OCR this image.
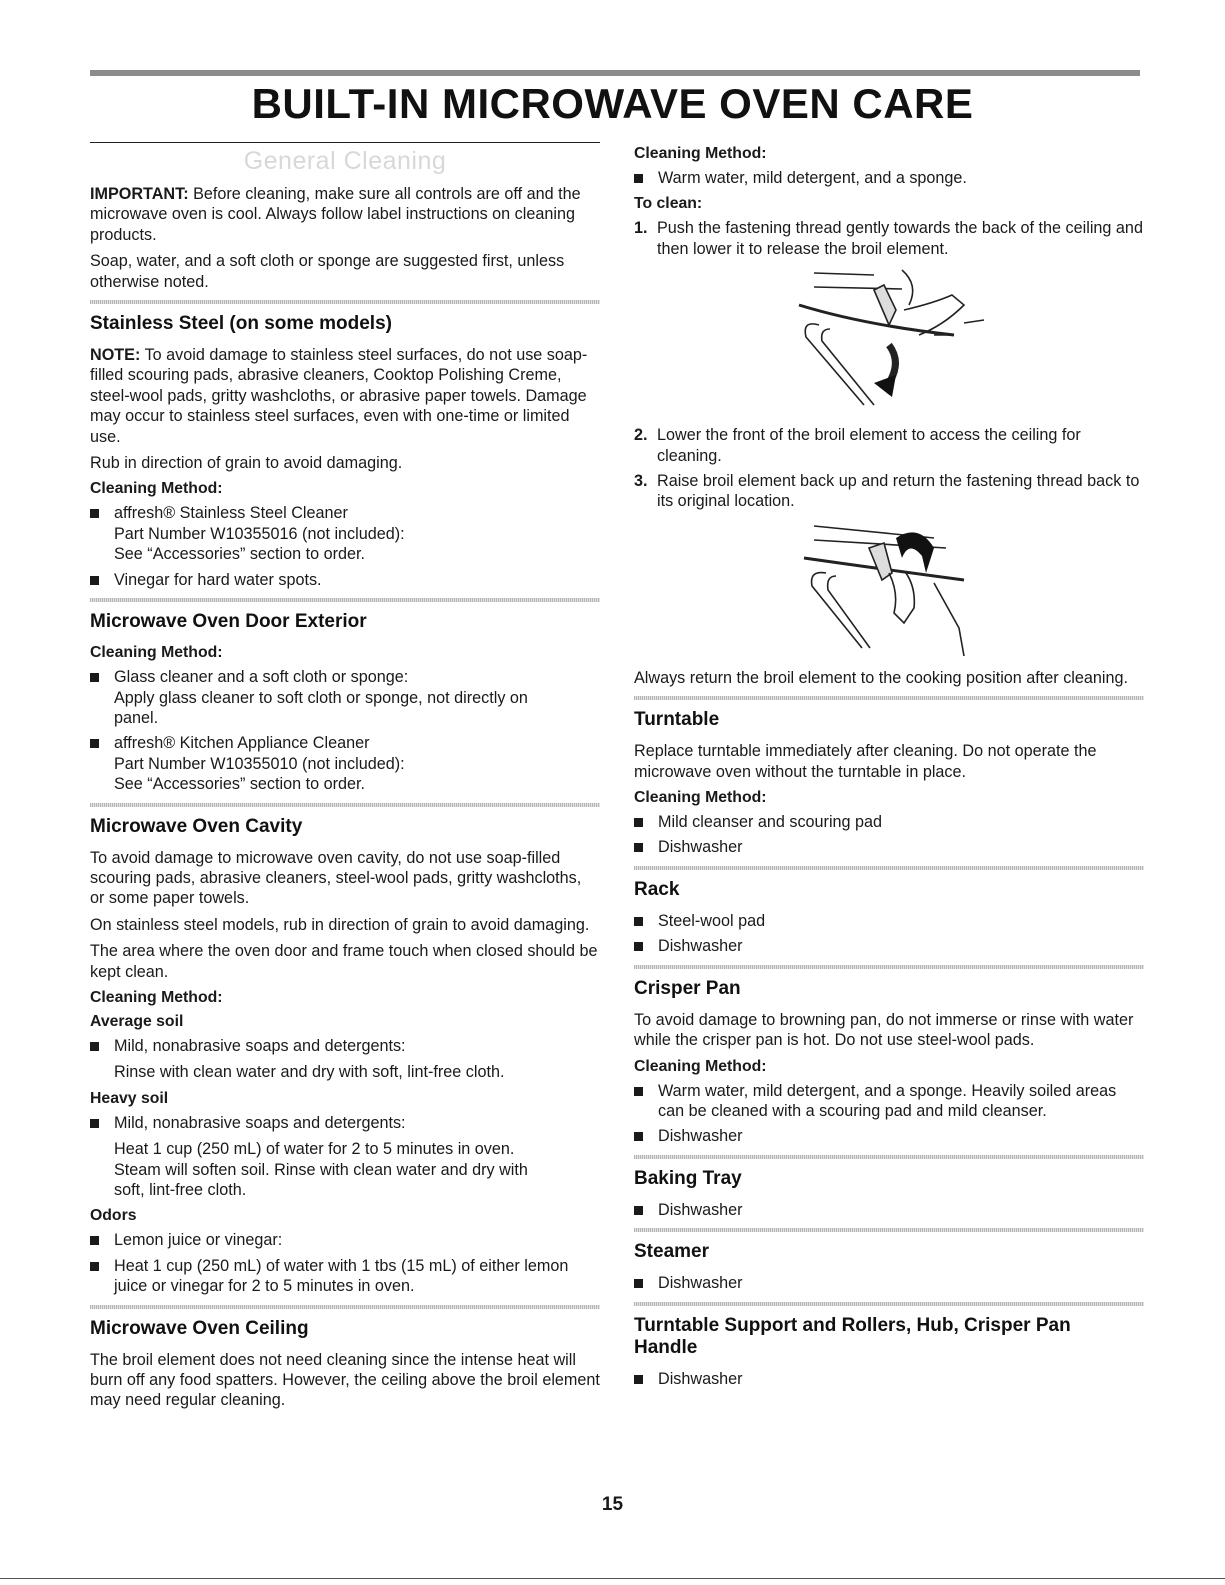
BUILT-IN MICROWAVE OVEN CARE
General Cleaning

IMPORTANT: Before cleaning, make sure all controls are off and the microwave oven is cool. Always follow label instructions on cleaning products.

Soap, water, and a soft cloth or sponge are suggested first, unless otherwise noted.

Stainless Steel (on some models)

NOTE: To avoid damage to stainless steel surfaces, do not use soap-filled scouring pads, abrasive cleaners, Cooktop Polishing Creme, steel-wool pads, gritty washcloths, or abrasive paper towels. Damage may occur to stainless steel surfaces, even with one-time or limited use.

Rub in direction of grain to avoid damaging.

Cleaning Method:
affresh® Stainless Steel Cleaner
Part Number W10355016 (not included):
See “Accessories” section to order.
Vinegar for hard water spots.
Microwave Oven Door Exterior
Cleaning Method:
Glass cleaner and a soft cloth or sponge:
Apply glass cleaner to soft cloth or sponge, not directly on panel.
affresh® Kitchen Appliance Cleaner
Part Number W10355010 (not included):
See “Accessories” section to order.
Microwave Oven Cavity

To avoid damage to microwave oven cavity, do not use soap-filled scouring pads, abrasive cleaners, steel-wool pads, gritty washcloths, or some paper towels.

On stainless steel models, rub in direction of grain to avoid damaging.

The area where the oven door and frame touch when closed should be kept clean.

Cleaning Method:
Average soil
Mild, nonabrasive soaps and detergents:

Rinse with clean water and dry with soft, lint-free cloth.

Heavy soil
Mild, nonabrasive soaps and detergents:

Heat 1 cup (250 mL) of water for 2 to 5 minutes in oven. Steam will soften soil. Rinse with clean water and dry with soft, lint-free cloth.

Odors
Lemon juice or vinegar:
Heat 1 cup (250 mL) of water with 1 tbs (15 mL) of either lemon juice or vinegar for 2 to 5 minutes in oven.
Microwave Oven Ceiling

The broil element does not need cleaning since the intense heat will burn off any food spatters. However, the ceiling above the broil element may need regular cleaning.

Cleaning Method:
Warm water, mild detergent, and a sponge.
To clean:
1. Push the fastening thread gently towards the back of the ceiling and then lower it to release the broil element.
2. Lower the front of the broil element to access the ceiling for cleaning.
3. Raise broil element back up and return the fastening thread back to its original location.

Always return the broil element to the cooking position after cleaning.

Turntable

Replace turntable immediately after cleaning. Do not operate the microwave oven without the turntable in place.

Cleaning Method:
Mild cleanser and scouring pad
Dishwasher
Rack
Steel-wool pad
Dishwasher
Crisper Pan

To avoid damage to browning pan, do not immerse or rinse with water while the crisper pan is hot. Do not use steel-wool pads.

Cleaning Method:
Warm water, mild detergent, and a sponge. Heavily soiled areas can be cleaned with a scouring pad and mild cleanser.
Dishwasher
Baking Tray
Dishwasher
Steamer
Dishwasher
Turntable Support and Rollers, Hub, Crisper Pan Handle
Dishwasher
15
